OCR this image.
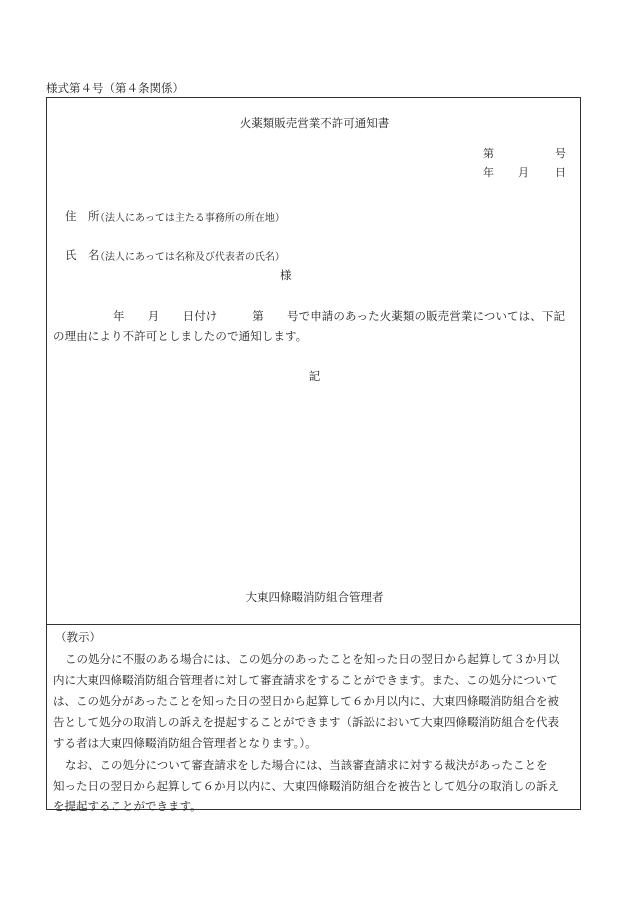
様式第４号（第４条関係）
火薬類販売営業不許可通知書
第	号
年 月 日
住　所
（法人にあっては主たる事務所の所在地）
氏　名
（法人にあっては名称及び代表者の氏名）
様
年　　月　　日付け　　　第　　号で申請のあった火薬類の販売営業については、下記
の理由により不許可としましたので通知します。
記
大東四條畷消防組合管理者
（教示）
この処分に不服のある場合には、この処分のあったことを知った日の翌日から起算して３か月以
内に大東四條畷消防組合管理者に対して審査請求をすることができます。また、この処分について
は、この処分があったことを知った日の翌日から起算して６か月以内に、大東四條畷消防組合を被
告として処分の取消しの訴えを提起することができます（訴訟において大東四條畷消防組合を代表
する者は大東四條畷消防組合管理者となります。）。
なお、この処分について審査請求をした場合には、当該審査請求に対する裁決があったことを
知った日の翌日から起算して６か月以内に、大東四條畷消防組合を被告として処分の取消しの訴え
を提起することができます。
